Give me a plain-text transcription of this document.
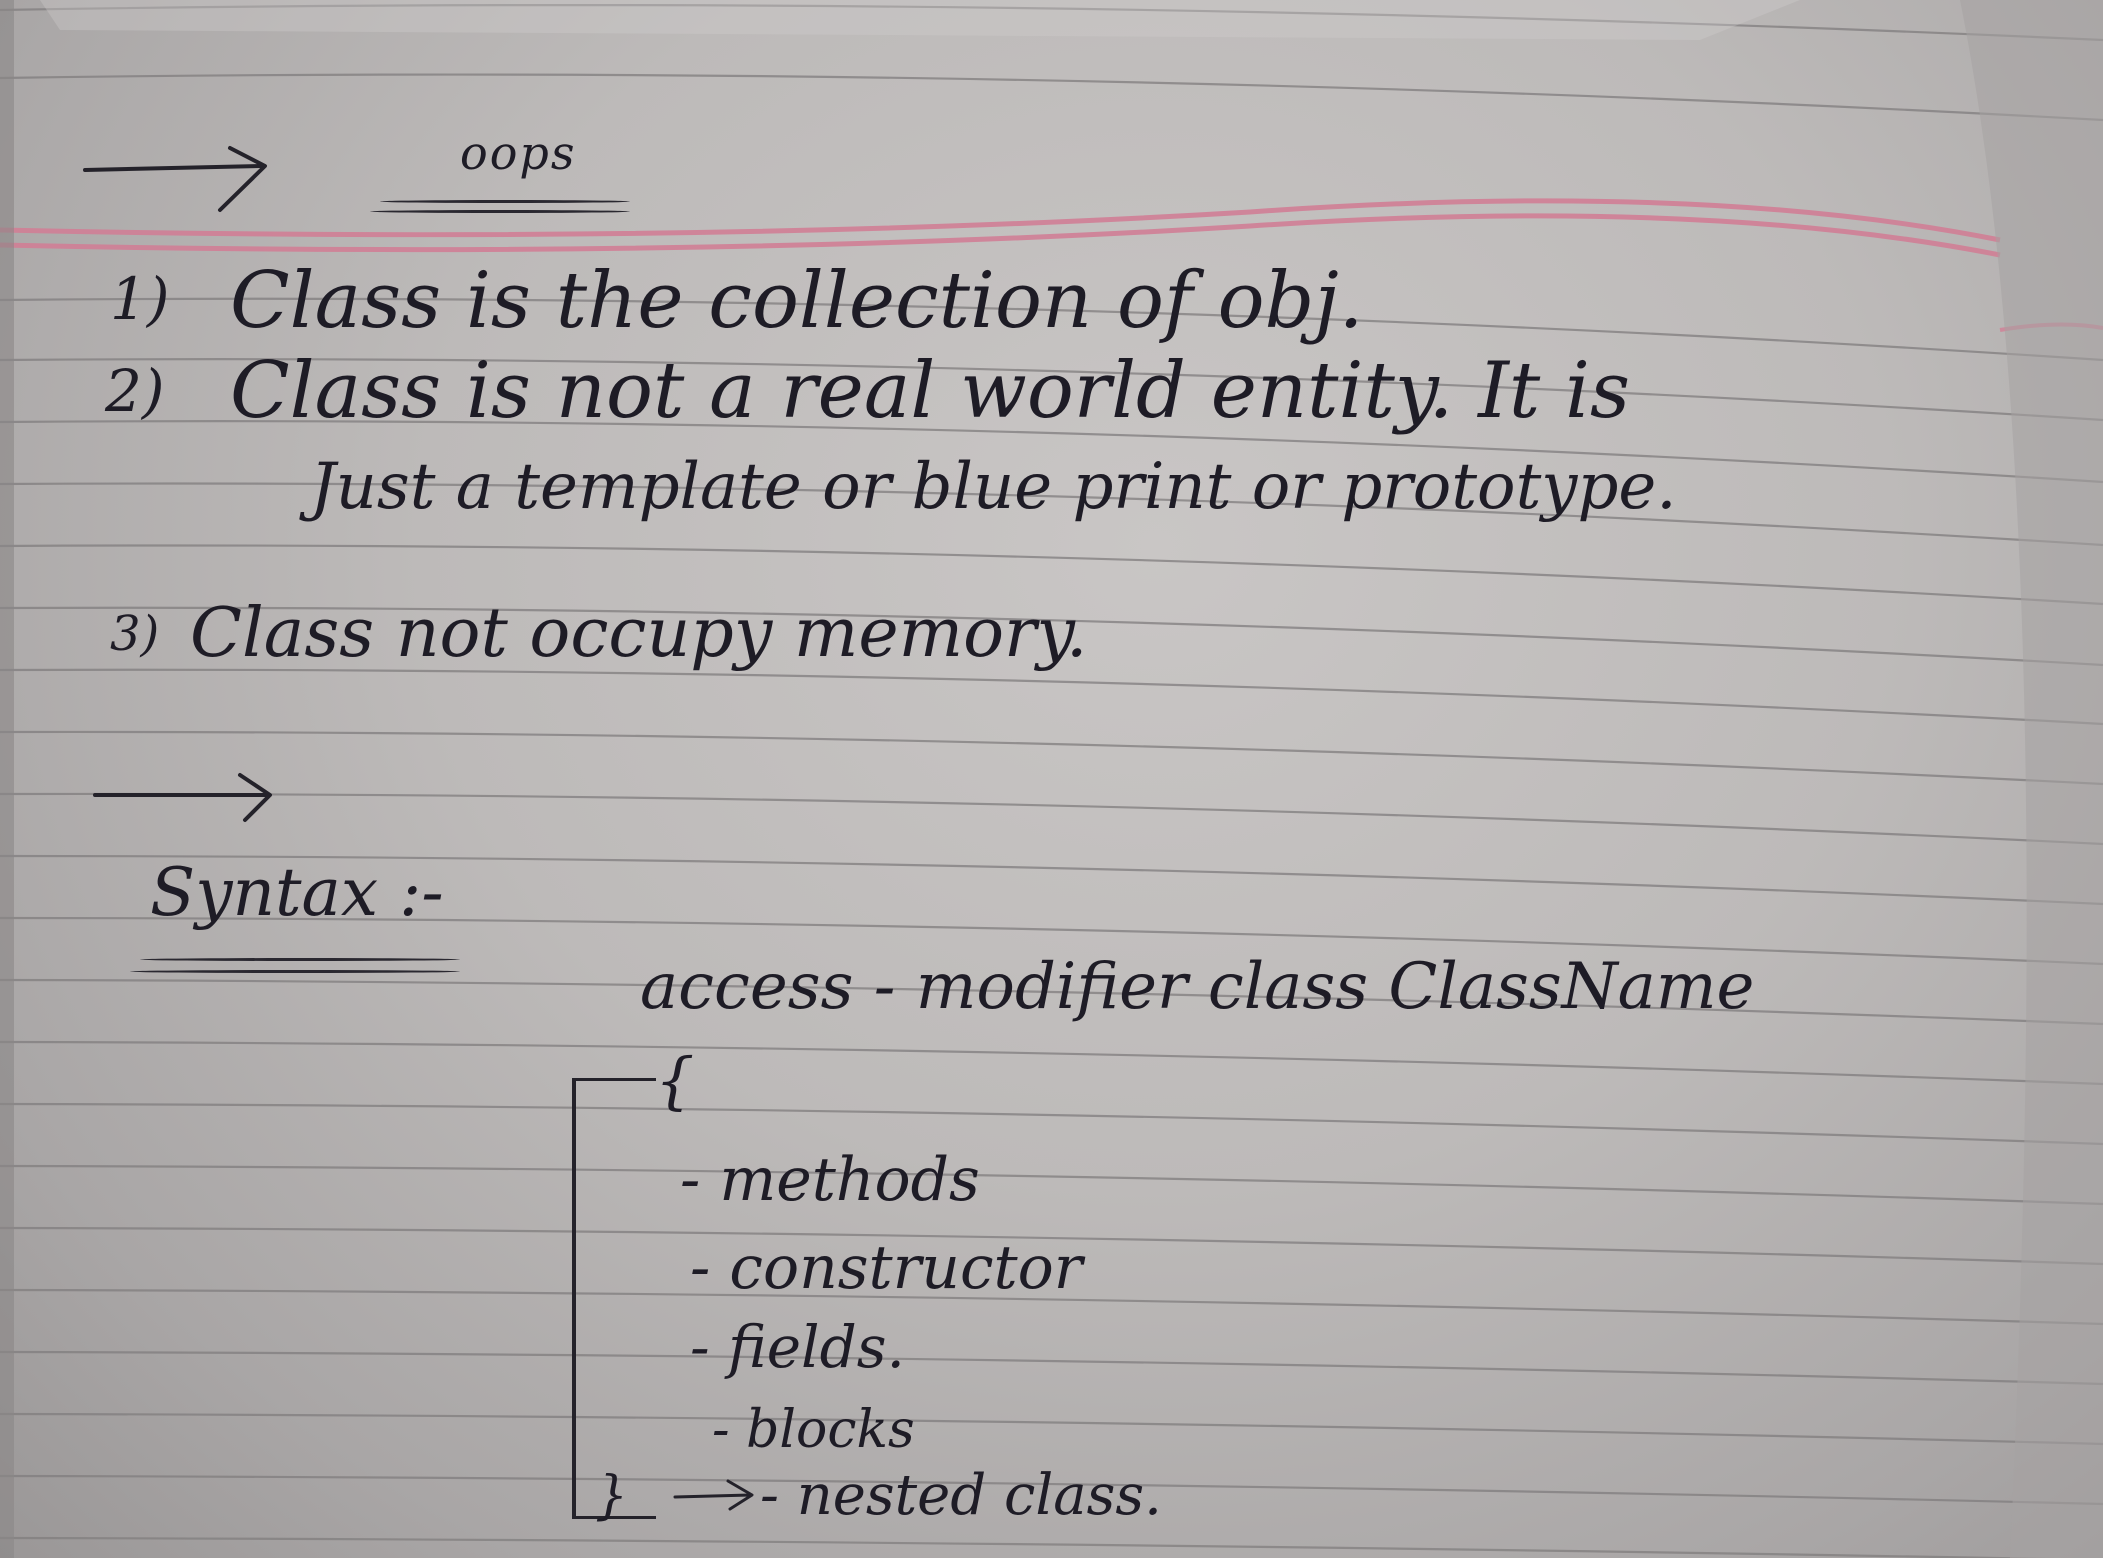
oops
1) Class is the collection of obj.
2) Class is not a real world entity. It is
Just a template or blue print or prototype.
3) Class not occupy memory.
Syntax :-
access - modifier class ClassName
{
- methods
- constructor
- fields.
- blocks
- nested class.
}
